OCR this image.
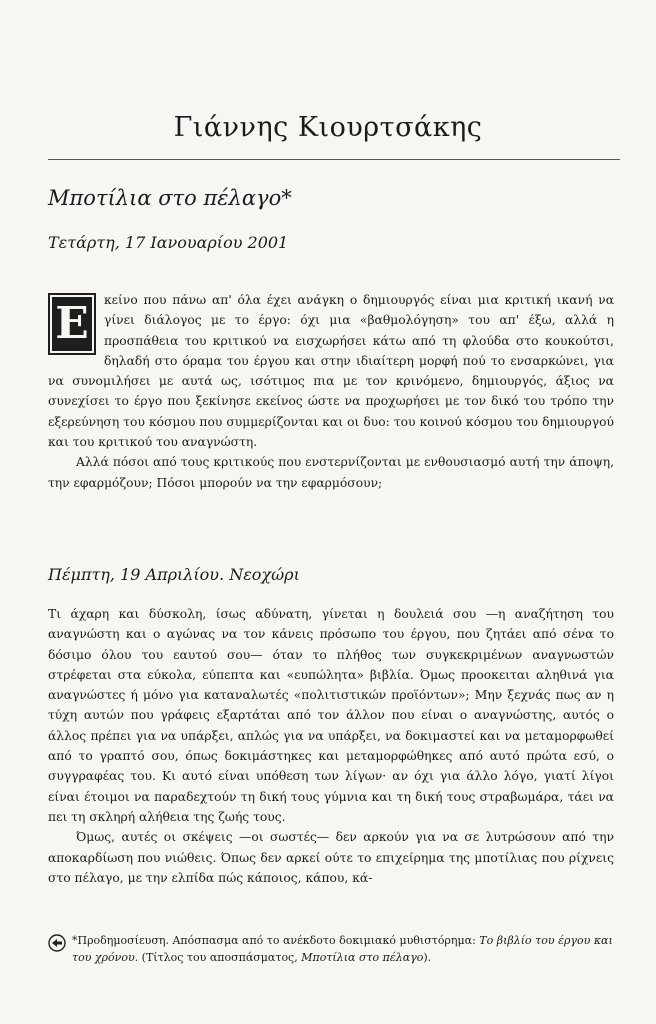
Γιάννης Κιουρτσάκης
Μποτίλια στο πέλαγο*
Τετάρτη, 17 Ιανουαρίου 2001

Ε	κείνο που πάνω απ' όλα έχει ανάγκη ο δημιουργός είναι μια κριτική ικανή να γίνει διάλογος με το έργο: όχι μια «βαθμολόγηση» του απ' έξω, αλλά η προσπάθεια του κριτικού να εισχωρήσει κάτω από τη φλούδα στο κουκούτσι, δηλαδή στο όραμα του έργου και στην ιδιαίτερη μορφή πού το ενσαρκώνει, για να συνομιλήσει με αυτά ως, ισότιμος πια με τον κρινόμενο, δημιουργός, άξιος να συνεχίσει το έργο που ξεκίνησε εκείνος ώστε να προχωρήσει με τον δικό του τρόπο την εξερεύνηση του κόσμου που συμμερίζονται και οι δυο: του κοινού κόσμου του δημιουργού και του κριτικού του αναγνώστη.

Αλλά πόσοι από τους κριτικούς που ενστερνίζονται με ενθουσιασμό αυτή την άποψη, την εφαρμόζουν; Πόσοι μπορούν να την εφαρμόσουν;

Πέμπτη, 19 Απριλίου. Νεοχώρι

Τι άχαρη και δύσκολη, ίσως αδύνατη, γίνεται η δουλειά σου —η αναζήτηση του αναγνώστη και ο αγώνας να τον κάνεις πρόσωπο του έργου, που ζητάει από σένα το δόσιμο όλου του εαυτού σου— όταν το πλήθος των συγκεκριμένων αναγνωστών στρέφεται στα εύκολα, εύπεπτα και «ευπώλητα» βιβλία. Όμως προοκειται αληθινά για αναγνώστες ή μόνο για καταναλωτές «πολιτιστικών προϊόντων»; Μην ξεχνάς πως αν η τύχη αυτών που γράφεις εξαρτάται από τον άλλον που είναι ο αναγνώστης, αυτός ο άλλος πρέπει για να υπάρξει, απλώς για να υπάρξει, να δοκιμαστεί και να μεταμορφωθεί από το γραπτό σου, όπως δοκιμάστηκες και μεταμορφώθηκες από αυτό πρώτα εσύ, ο συγγραφέας του. Κι αυτό είναι υπόθεση των λίγων· αν όχι για άλλο λόγο, γιατί λίγοι είναι έτοιμοι να παραδεχτούν τη δική τους γύμνια και τη δική τους στραβωμάρα, τάει να πει τη σκληρή αλήθεια της ζωής τους.

Όμως, αυτές οι σκέψεις —οι σωστές— δεν αρκούν για να σε λυτρώσουν από την αποκαρδίωση που νιώθεις. Όπως δεν αρκεί ούτε το επιχείρημα της μποτίλιας που ρίχνεις στο πέλαγο, με την ελπίδα πώς κάποιος, κάπου, κά-

*Προδημοσίευση. Απόσπασμα από το ανέκδοτο δοκιμιακό μυθιστόρημα: Το βιβλίο του έργου και του χρόνου. (Τίτλος του αποσπάσματος, Μποτίλια στο πέλαγο).
